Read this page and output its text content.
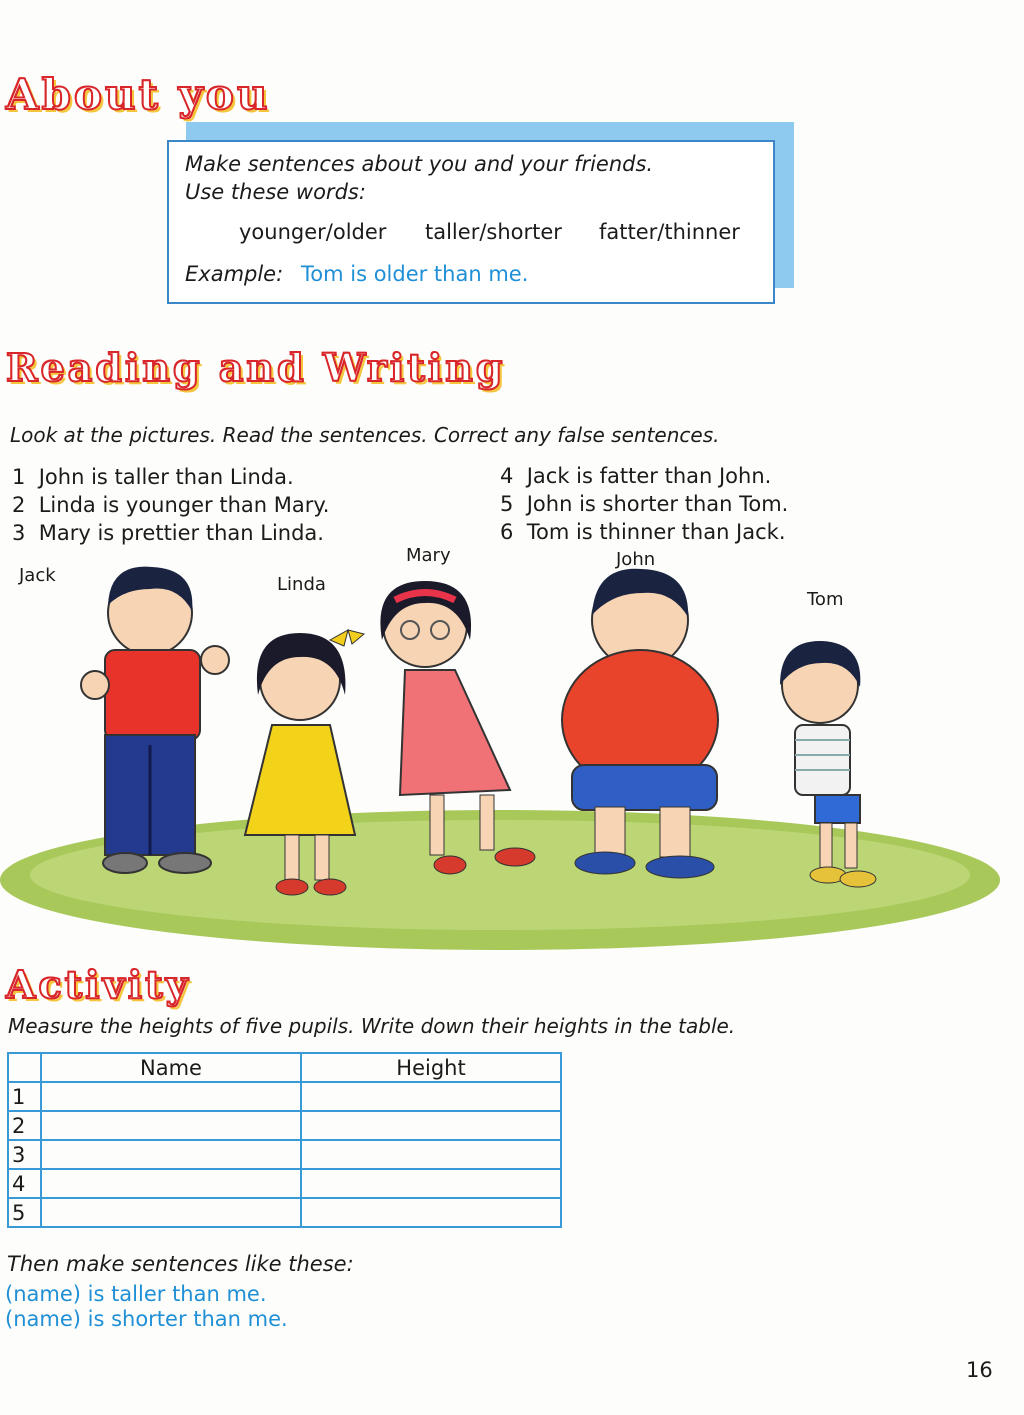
About you
Make sentences about you and your friends.
Use these words:
younger/older taller/shorter fatter/thinner
Example: Tom is older than me.
Reading and Writing
Look at the pictures. Read the sentences. Correct any false sentences.
1 John is taller than Linda.
2 Linda is younger than Mary.
3 Mary is prettier than Linda.
4 Jack is fatter than John.
5 John is shorter than Tom.
6 Tom is thinner than Jack.
Jack	Linda
Mary	John
Tom
Activity
Measure the heights of five pupils. Write down their heights in the table.
	Name	Height
1		
2		
3		
4		
5		
Then make sentences like these:
(name) is taller than me.
(name) is shorter than me.
16
